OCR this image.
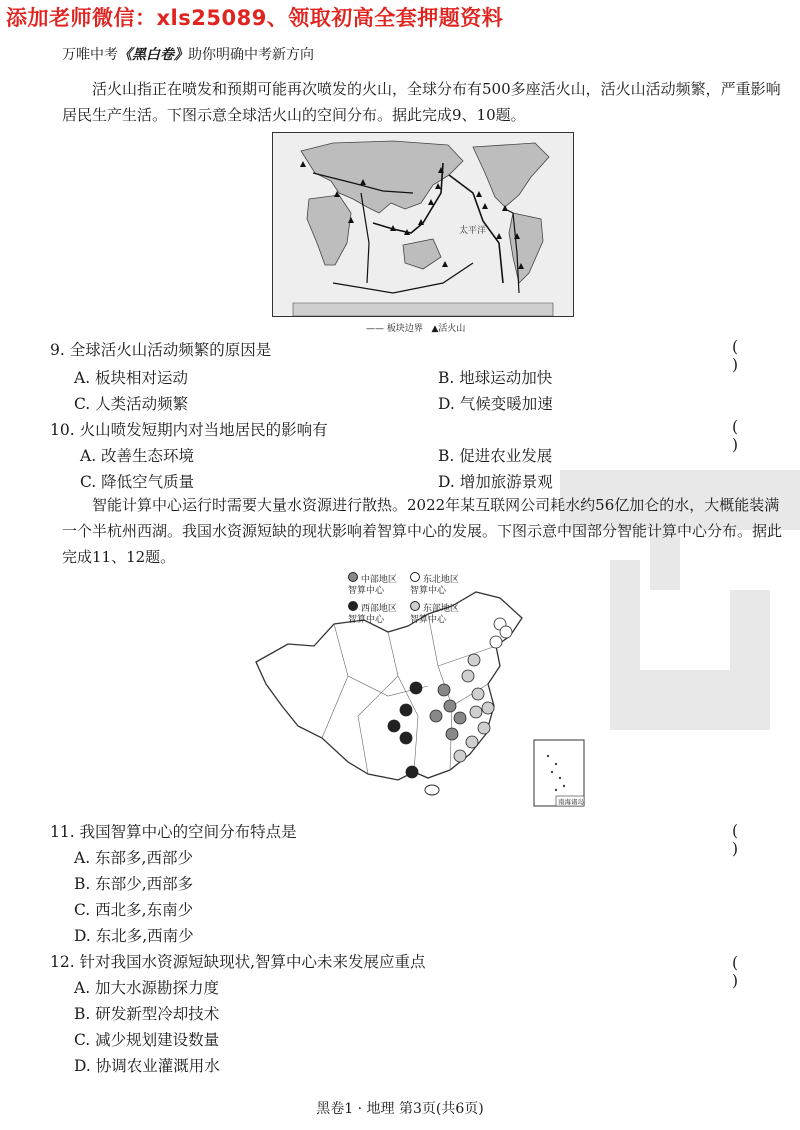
添加老师微信：xls25089、领取初高全套押题资料
万唯中考《黑白卷》助你明确中考新方向
活火山指正在喷发和预期可能再次喷发的火山，全球分布有500多座活火山，活火山活动频繁，严重影响居民生产生活。下图示意全球活火山的空间分布。据此完成9、10题。
太平洋
—— 板块边界 ▲活火山
9. 全球活火山活动频繁的原因是	( )
A. 板块相对运动	B. 地球运动加快
C. 人类活动频繁	D. 气候变暖加速
10. 火山喷发短期内对当地居民的影响有	( )
A. 改善生态环境	B. 促进农业发展
C. 降低空气质量	D. 增加旅游景观
智能计算中心运行时需要大量水资源进行散热。2022年某互联网公司耗水约56亿加仑的水，大概能装满一个半杭州西湖。我国水资源短缺的现状影响着智算中心的发展。下图示意中国部分智能计算中心分布。据此完成11、12题。
南海诸岛
中部地区
智算中心
东北地区
智算中心
西部地区
智算中心
东部地区
智算中心
11. 我国智算中心的空间分布特点是	( )
A. 东部多,西部少
B. 东部少,西部多
C. 西北多,东南少
D. 东北多,西南少
12. 针对我国水资源短缺现状,智算中心未来发展应重点	( )
A. 加大水源勘探力度
B. 研发新型冷却技术
C. 减少规划建设数量
D. 协调农业灌溉用水
黑卷1 · 地理 第3页(共6页)
